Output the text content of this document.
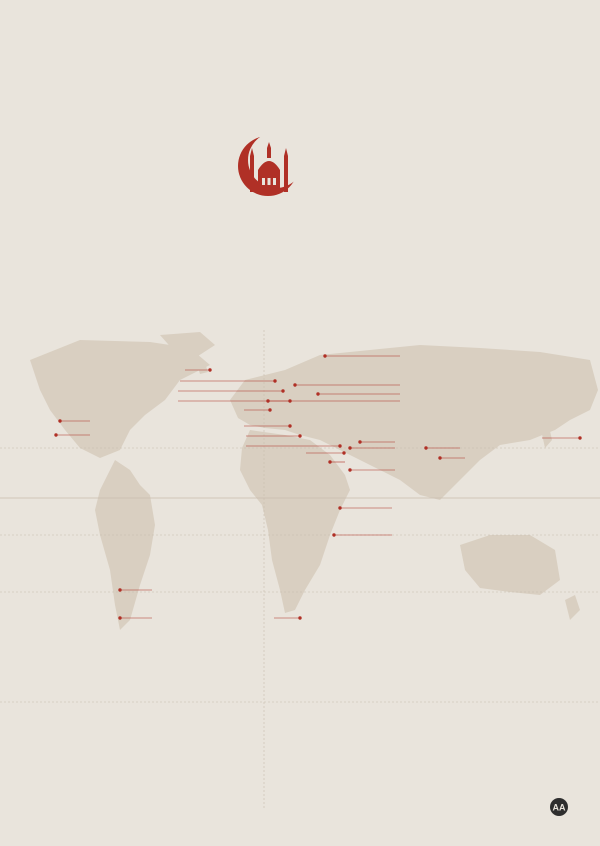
AA
